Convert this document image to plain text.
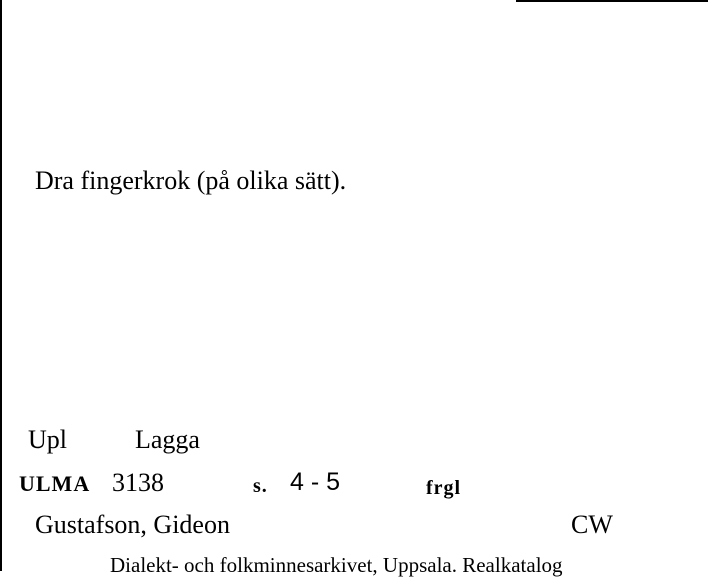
Dra fingerkrok (på olika sätt).
Upl	Lagga
ULMA 3138	s. 4 - 5	frgl
Gustafson, Gideon	CW
Dialekt- och folkminnesarkivet, Uppsala. Realkatalog
